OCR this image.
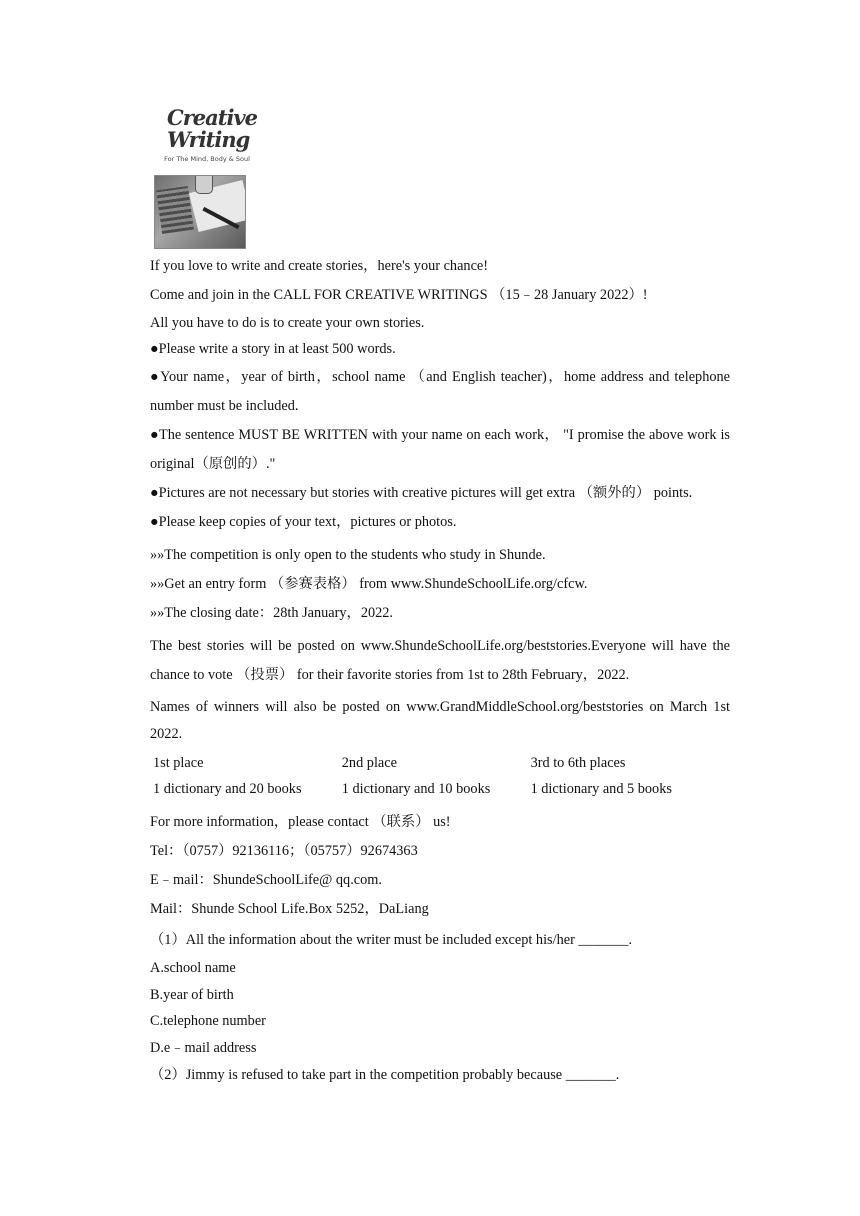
Creative
Writing
For The Mind, Body & Soul

If you love to write and create stories，here's your chance!

Come and join in the CALL FOR CREATIVE WRITINGS （15﹣28 January 2022）!

All you have to do is to create your own stories.

●Please write a story in at least 500 words.

●Your name，year of birth，school name （and English teacher)，home address and telephone number must be included.

●The sentence MUST BE WRITTEN with your name on each work， "I promise the above work is original（原创的）."

●Pictures are not necessary but stories with creative pictures will get extra （额外的） points.

●Please keep copies of your text，pictures or photos.

»»The competition is only open to the students who study in Shunde.

»»Get an entry form （参赛表格） from www.ShundeSchoolLife.org/cfcw.

»»The closing date：28th January，2022.

The best stories will be posted on www.ShundeSchoolLife.org/beststories.Everyone will have the chance to vote （投票） for their favorite stories from 1st to 28th February，2022.

Names of winners will also be posted on www.GrandMiddleSchool.org/beststories on March 1st 2022.

1st place	2nd place	3rd to 6th places
1 dictionary and 20 books	1 dictionary and 10 books	1 dictionary and 5 books

For more information，please contact （联系） us!

Tel：（0757）92136116；（05757）92674363

E﹣mail：ShundeSchoolLife@ qq.com.

Mail：Shunde School Life.Box 5252，DaLiang

（1）All the information about the writer must be included except his/her _______.

A.school name

B.year of birth

C.telephone number

D.e﹣mail address

（2）Jimmy is refused to take part in the competition probably because _______.
